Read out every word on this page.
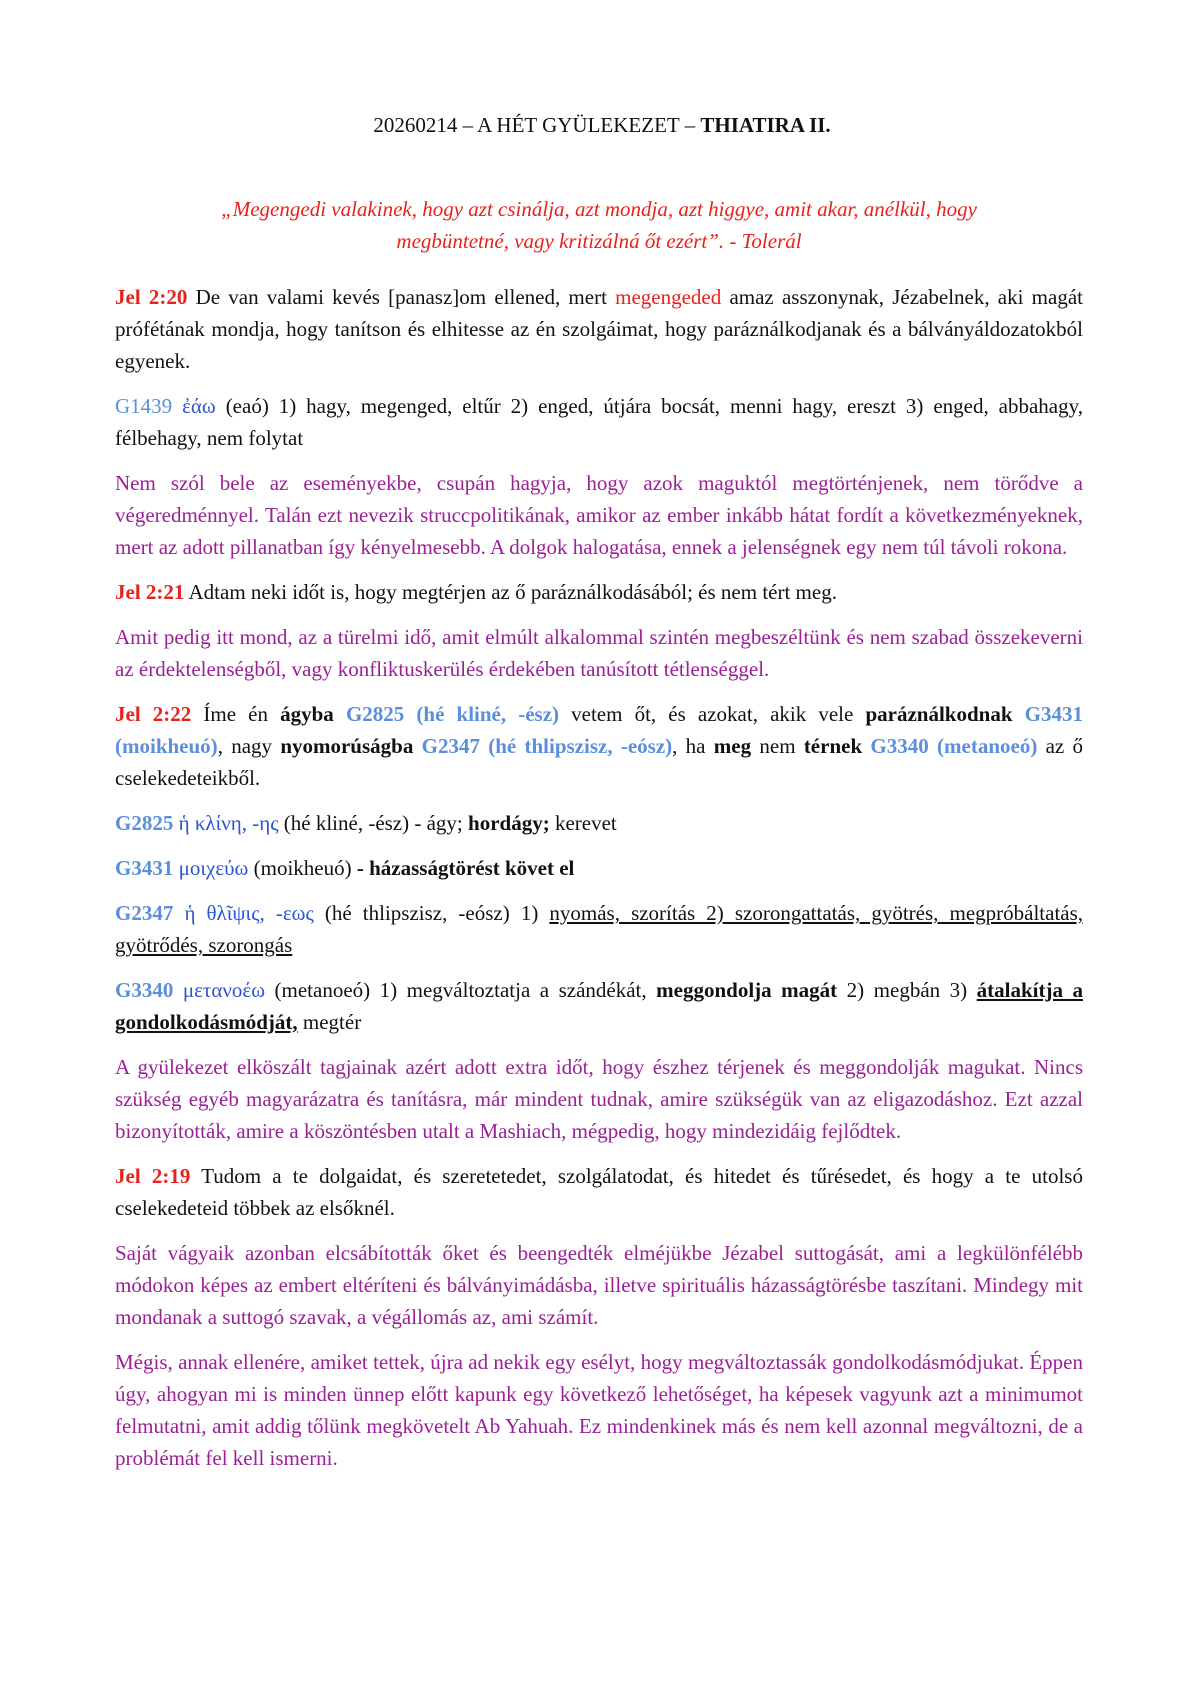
20260214 – A HÉT GYÜLEKEZET – THIATIRA II.
„Megengedi valakinek, hogy azt csinálja, azt mondja, azt higgye, amit akar, anélkül, hogy
megbüntetné, vagy kritizálná őt ezért”. - Tolerál

Jel 2:20 De van valami kevés [panasz]om ellened, mert megengeded amaz asszonynak, Jézabelnek, aki magát prófétának mondja, hogy tanítson és elhitesse az én szolgáimat, hogy paráználkodjanak és a bálványáldozatokból egyenek.

G1439 ἐάω (eaó) 1) hagy, megenged, eltűr 2) enged, útjára bocsát, menni hagy, ereszt 3) enged, abbahagy, félbehagy, nem folytat

Nem szól bele az eseményekbe, csupán hagyja, hogy azok maguktól megtörténjenek, nem törődve a végeredménnyel. Talán ezt nevezik struccpolitikának, amikor az ember inkább hátat fordít a következményeknek, mert az adott pillanatban így kényelmesebb. A dolgok halogatása, ennek a jelenségnek egy nem túl távoli rokona.

Jel 2:21 Adtam neki időt is, hogy megtérjen az ő paráználkodásából; és nem tért meg.

Amit pedig itt mond, az a türelmi idő, amit elmúlt alkalommal szintén megbeszéltünk és nem szabad összekeverni az érdektelenségből, vagy konfliktuskerülés érdekében tanúsított tétlenséggel.

Jel 2:22 Íme én ágyba G2825 (hé kliné, -ész) vetem őt, és azokat, akik vele paráználkodnak G3431 (moikheuó), nagy nyomorúságba G2347 (hé thlipszisz, -eósz), ha meg nem térnek G3340 (metanoeó) az ő cselekedeteikből.

G2825 ἡ κλίνη, -ης (hé kliné, -ész) - ágy; hordágy; kerevet

G3431 μοιχεύω (moikheuó) - házasságtörést követ el

G2347 ἡ θλῖψις, -εως (hé thlipszisz, -eósz) 1) nyomás, szorítás 2) szorongattatás, gyötrés, megpróbáltatás, gyötrődés, szorongás

G3340 μετανοέω (metanoeó) 1) megváltoztatja a szándékát, meggondolja magát 2) megbán 3) átalakítja a gondolkodásmódját, megtér

A gyülekezet elköszált tagjainak azért adott extra időt, hogy észhez térjenek és meggondolják magukat. Nincs szükség egyéb magyarázatra és tanításra, már mindent tudnak, amire szükségük van az eligazodáshoz. Ezt azzal bizonyították, amire a köszöntésben utalt a Mashiach, mégpedig, hogy mindezidáig fejlődtek.

Jel 2:19 Tudom a te dolgaidat, és szeretetedet, szolgálatodat, és hitedet és tűrésedet, és hogy a te utolsó cselekedeteid többek az elsőknél.

Saját vágyaik azonban elcsábították őket és beengedték elméjükbe Jézabel suttogását, ami a legkülönfélébb módokon képes az embert eltéríteni és bálványimádásba, illetve spirituális házasságtörésbe taszítani. Mindegy mit mondanak a suttogó szavak, a végállomás az, ami számít.

Mégis, annak ellenére, amiket tettek, újra ad nekik egy esélyt, hogy megváltoztassák gondolkodásmódjukat. Éppen úgy, ahogyan mi is minden ünnep előtt kapunk egy következő lehetőséget, ha képesek vagyunk azt a minimumot felmutatni, amit addig tőlünk megkövetelt Ab Yahuah. Ez mindenkinek más és nem kell azonnal megváltozni, de a problémát fel kell ismerni.
